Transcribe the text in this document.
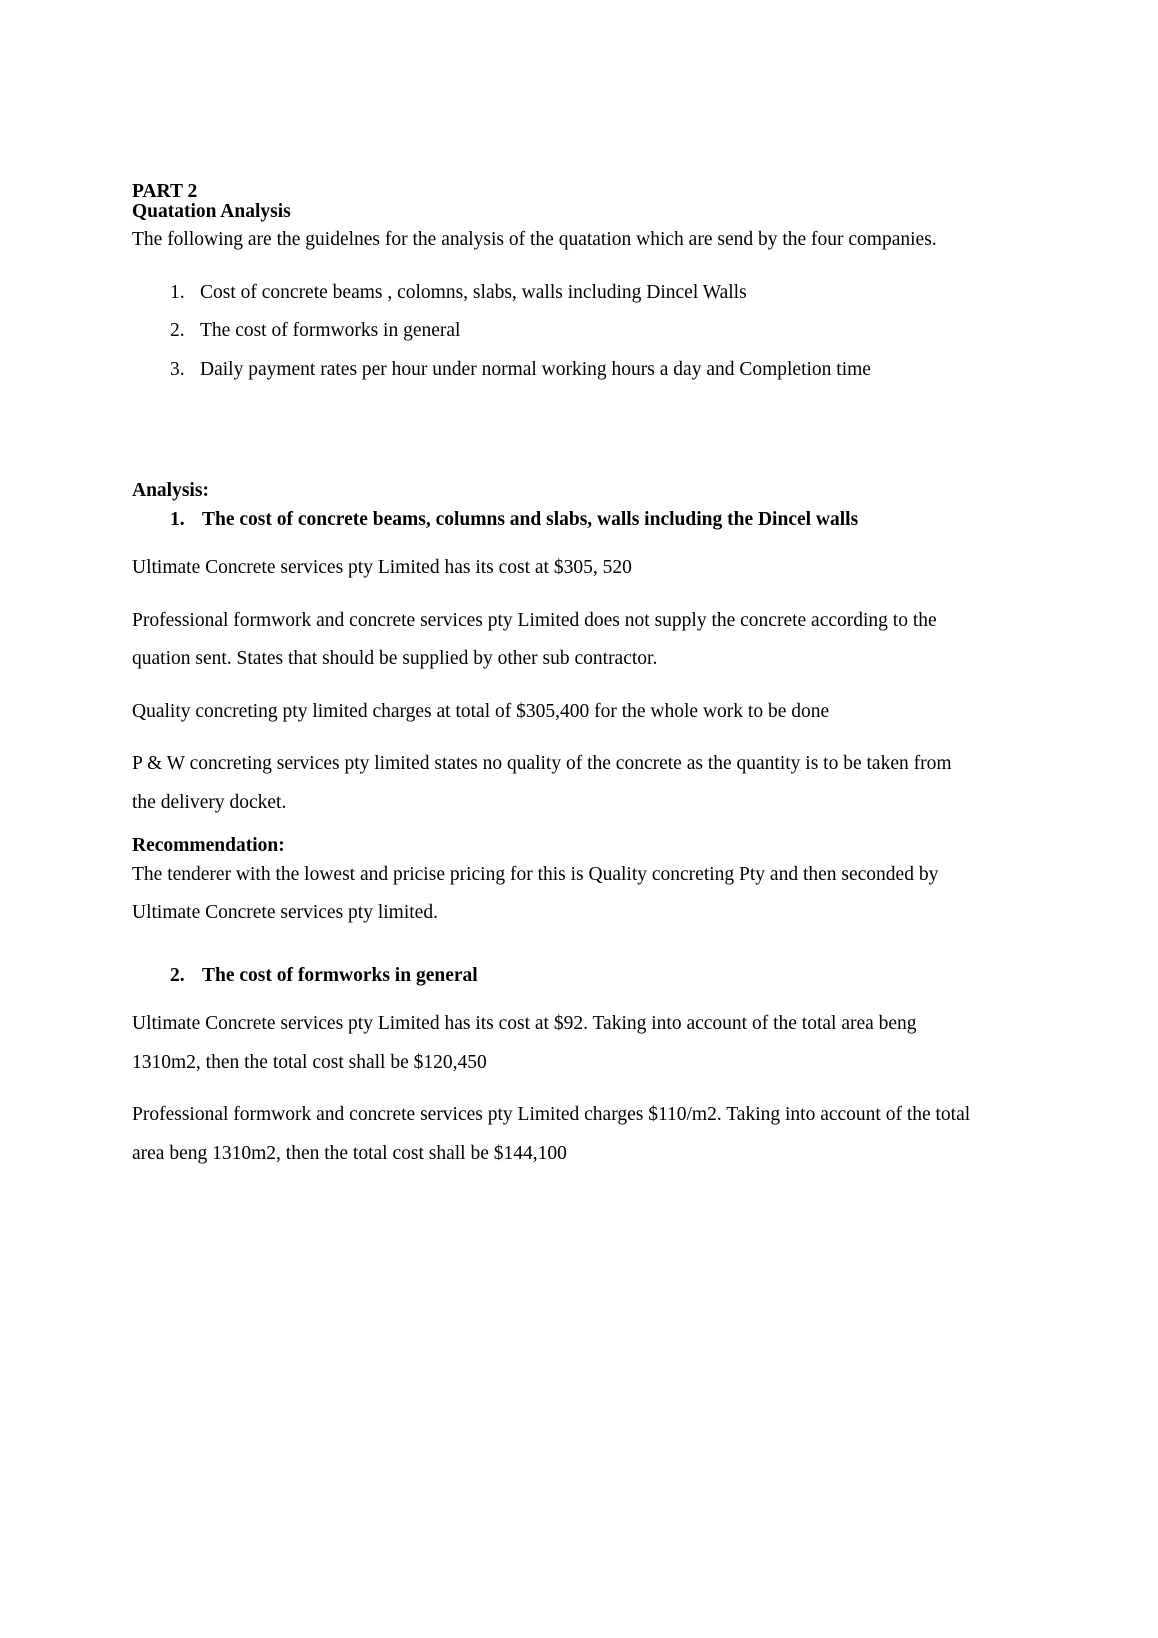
PART 2
Quatation Analysis

The following are the guidelnes for the analysis of the quatation which are send by the four companies.

1. Cost of concrete beams , colomns, slabs, walls including Dincel Walls
2. The cost of formworks in general
3. Daily payment rates per hour under normal working hours a day and Completion time
Analysis:
1. The cost of concrete beams, columns and slabs, walls including the Dincel walls

Ultimate Concrete services pty Limited has its cost at $305, 520

Professional formwork and concrete services pty Limited does not supply the concrete according to the quation sent. States that should be supplied by other sub contractor.

Quality concreting pty limited charges at total of $305,400 for the whole work to be done

P & W concreting services pty limited states no quality of the concrete as the quantity is to be taken from the delivery docket.

Recommendation:

The tenderer with the lowest and pricise pricing for this is Quality concreting Pty and then seconded by Ultimate Concrete services pty limited.

2. The cost of formworks in general

Ultimate Concrete services pty Limited has its cost at $92. Taking into account of the total area beng 1310m2, then the total cost shall be $120,450

Professional formwork and concrete services pty Limited charges $110/m2. Taking into account of the total area beng 1310m2, then the total cost shall be $144,100
